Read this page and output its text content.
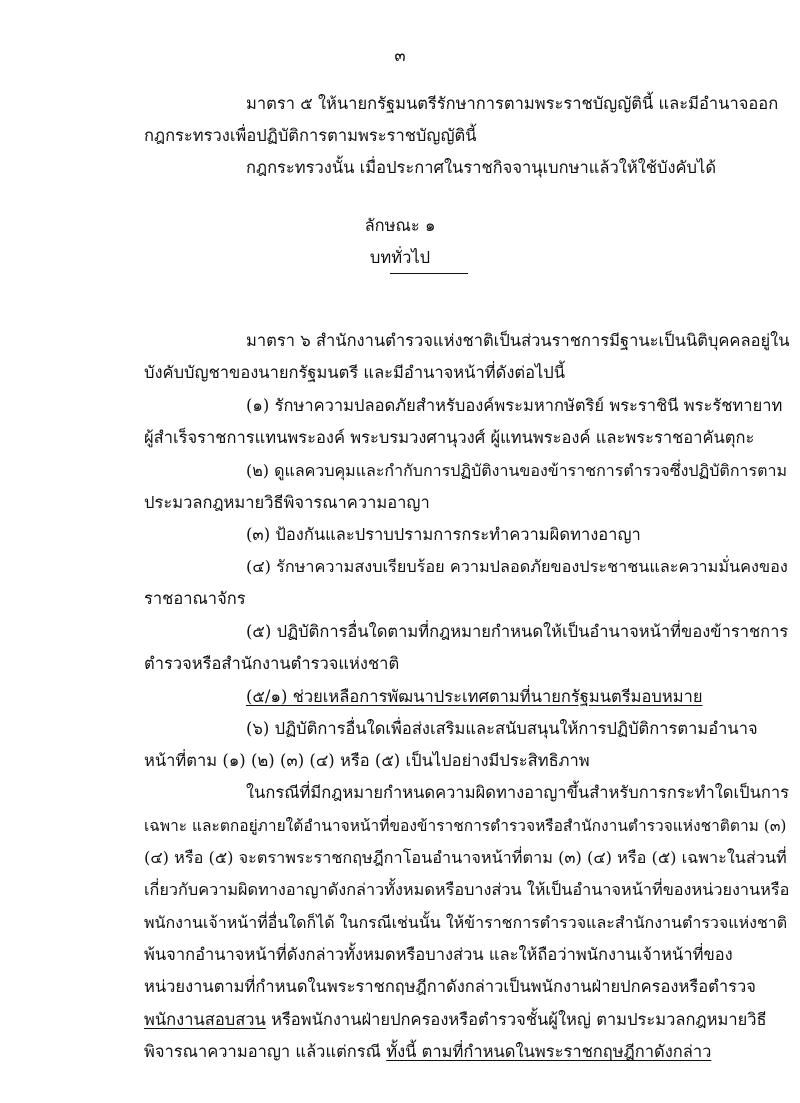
๓
มาตรา ๕ ให้นายกรัฐมนตรีรักษาการตามพระราชบัญญัตินี้ และมีอำนาจออก
กฎกระทรวงเพื่อปฏิบัติการตามพระราชบัญญัตินี้
กฎกระทรวงนั้น เมื่อประกาศในราชกิจจานุเบกษาแล้วให้ใช้บังคับได้
ลักษณะ ๑
บททั่วไป
มาตรา ๖ สำนักงานตำรวจแห่งชาติเป็นส่วนราชการมีฐานะเป็นนิติบุคคลอยู่ใน
บังคับบัญชาของนายกรัฐมนตรี และมีอำนาจหน้าที่ดังต่อไปนี้
(๑) รักษาความปลอดภัยสำหรับองค์พระมหากษัตริย์ พระราชินี พระรัชทายาท
ผู้สำเร็จราชการแทนพระองค์ พระบรมวงศานุวงศ์ ผู้แทนพระองค์ และพระราชอาคันตุกะ
(๒) ดูแลควบคุมและกำกับการปฏิบัติงานของข้าราชการตำรวจซึ่งปฏิบัติการตาม
ประมวลกฎหมายวิธีพิจารณาความอาญา
(๓) ป้องกันและปราบปรามการกระทำความผิดทางอาญา
(๔) รักษาความสงบเรียบร้อย ความปลอดภัยของประชาชนและความมั่นคงของ
ราชอาณาจักร
(๕) ปฏิบัติการอื่นใดตามที่กฎหมายกำหนดให้เป็นอำนาจหน้าที่ของข้าราชการ
ตำรวจหรือสำนักงานตำรวจแห่งชาติ
(๕/๑) ช่วยเหลือการพัฒนาประเทศตามที่นายกรัฐมนตรีมอบหมาย
(๖) ปฏิบัติการอื่นใดเพื่อส่งเสริมและสนับสนุนให้การปฏิบัติการตามอำนาจ
หน้าที่ตาม (๑) (๒) (๓) (๔) หรือ (๕) เป็นไปอย่างมีประสิทธิภาพ
ในกรณีที่มีกฎหมายกำหนดความผิดทางอาญาขึ้นสำหรับการกระทำใดเป็นการ
เฉพาะ และตกอยู่ภายใต้อำนาจหน้าที่ของข้าราชการตำรวจหรือสำนักงานตำรวจแห่งชาติตาม (๓)
(๔) หรือ (๕) จะตราพระราชกฤษฎีกาโอนอำนาจหน้าที่ตาม (๓) (๔) หรือ (๕) เฉพาะในส่วนที่
เกี่ยวกับความผิดทางอาญาดังกล่าวทั้งหมดหรือบางส่วน ให้เป็นอำนาจหน้าที่ของหน่วยงานหรือ
พนักงานเจ้าหน้าที่อื่นใดก็ได้ ในกรณีเช่นนั้น ให้ข้าราชการตำรวจและสำนักงานตำรวจแห่งชาติ
พ้นจากอำนาจหน้าที่ดังกล่าวทั้งหมดหรือบางส่วน และให้ถือว่าพนักงานเจ้าหน้าที่ของ
หน่วยงานตามที่กำหนดในพระราชกฤษฎีกาดังกล่าวเป็นพนักงานฝ่ายปกครองหรือตำรวจ
พนักงานสอบสวน หรือพนักงานฝ่ายปกครองหรือตำรวจชั้นผู้ใหญ่ ตามประมวลกฎหมายวิธี
พิจารณาความอาญา แล้วแต่กรณี ทั้งนี้ ตามที่กำหนดในพระราชกฤษฎีกาดังกล่าว
